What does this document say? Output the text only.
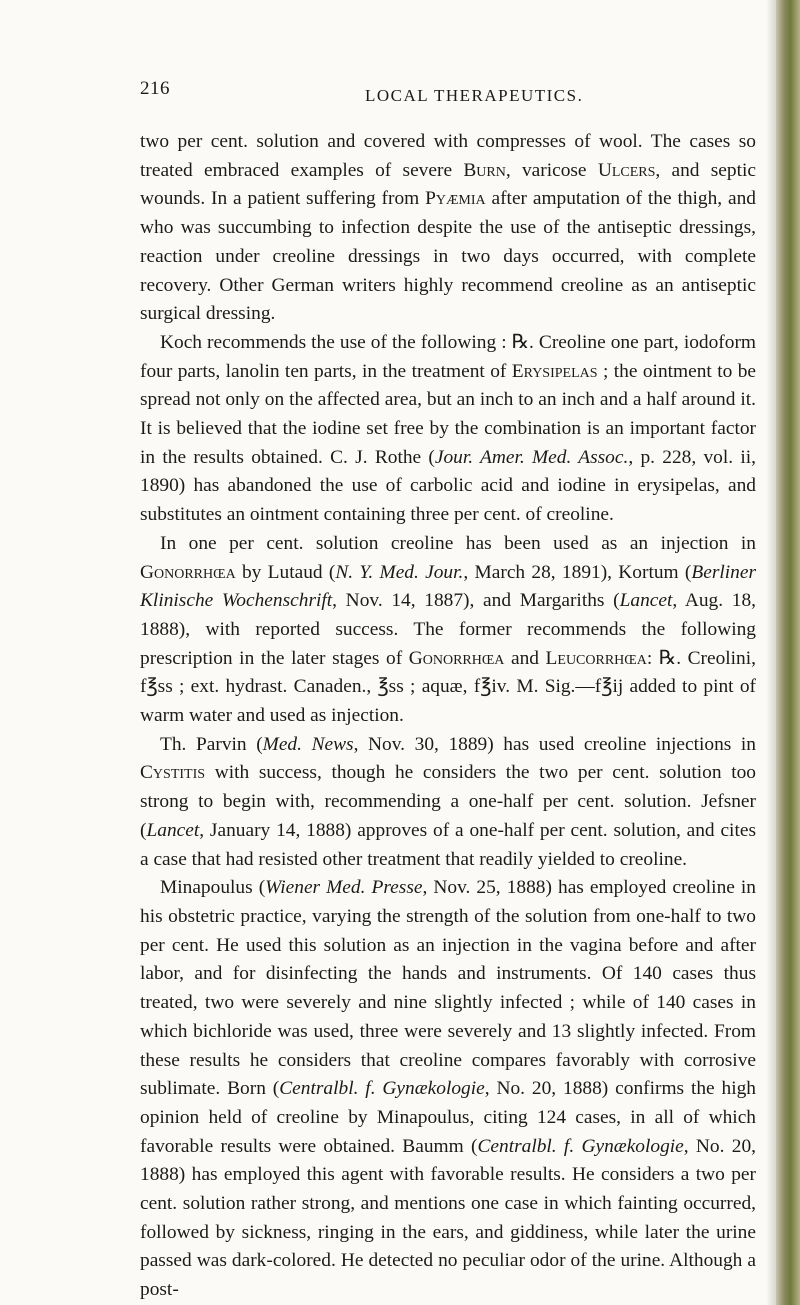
216	LOCAL THERAPEUTICS.

two per cent. solution and covered with compresses of wool. The cases so treated embraced examples of severe Burn, varicose Ulcers, and septic wounds. In a patient suffering from Pyæmia after amputation of the thigh, and who was succumbing to infection despite the use of the antiseptic dressings, reaction under creoline dressings in two days occurred, with complete recovery. Other German writers highly recommend creoline as an antiseptic surgical dressing.

Koch recommends the use of the following : ℞. Creoline one part, iodoform four parts, lanolin ten parts, in the treatment of Erysipelas ; the ointment to be spread not only on the affected area, but an inch to an inch and a half around it. It is believed that the iodine set free by the combination is an important factor in the results obtained. C. J. Rothe (Jour. Amer. Med. Assoc., p. 228, vol. ii, 1890) has abandoned the use of carbolic acid and iodine in erysipelas, and substitutes an ointment containing three per cent. of creoline.

In one per cent. solution creoline has been used as an injection in Gonorrhœa by Lutaud (N. Y. Med. Jour., March 28, 1891), Kortum (Berliner Klinische Wochenschrift, Nov. 14, 1887), and Margariths (Lancet, Aug. 18, 1888), with reported success. The former recommends the following prescription in the later stages of Gonorrhœa and Leucorrhœa: ℞. Creolini, f℥ss ; ext. hydrast. Canaden., ℥ss ; aquæ, f℥iv. M. Sig.—f℥ij added to pint of warm water and used as injection.

Th. Parvin (Med. News, Nov. 30, 1889) has used creoline injections in Cystitis with success, though he considers the two per cent. solution too strong to begin with, recommending a one-half per cent. solution. Jefsner (Lancet, January 14, 1888) approves of a one-half per cent. solution, and cites a case that had resisted other treatment that readily yielded to creoline.

Minapoulus (Wiener Med. Presse, Nov. 25, 1888) has employed creoline in his obstetric practice, varying the strength of the solution from one-half to two per cent. He used this solution as an injection in the vagina before and after labor, and for disinfecting the hands and instruments. Of 140 cases thus treated, two were severely and nine slightly infected ; while of 140 cases in which bichloride was used, three were severely and 13 slightly infected. From these results he considers that creoline compares favorably with corrosive sublimate. Born (Centralbl. f. Gynækologie, No. 20, 1888) confirms the high opinion held of creoline by Minapoulus, citing 124 cases, in all of which favorable results were obtained. Baumm (Centralbl. f. Gynækologie, No. 20, 1888) has employed this agent with favorable results. He considers a two per cent. solution rather strong, and mentions one case in which fainting occurred, followed by sickness, ringing in the ears, and giddiness, while later the urine passed was dark-colored. He detected no peculiar odor of the urine. Although a post-
